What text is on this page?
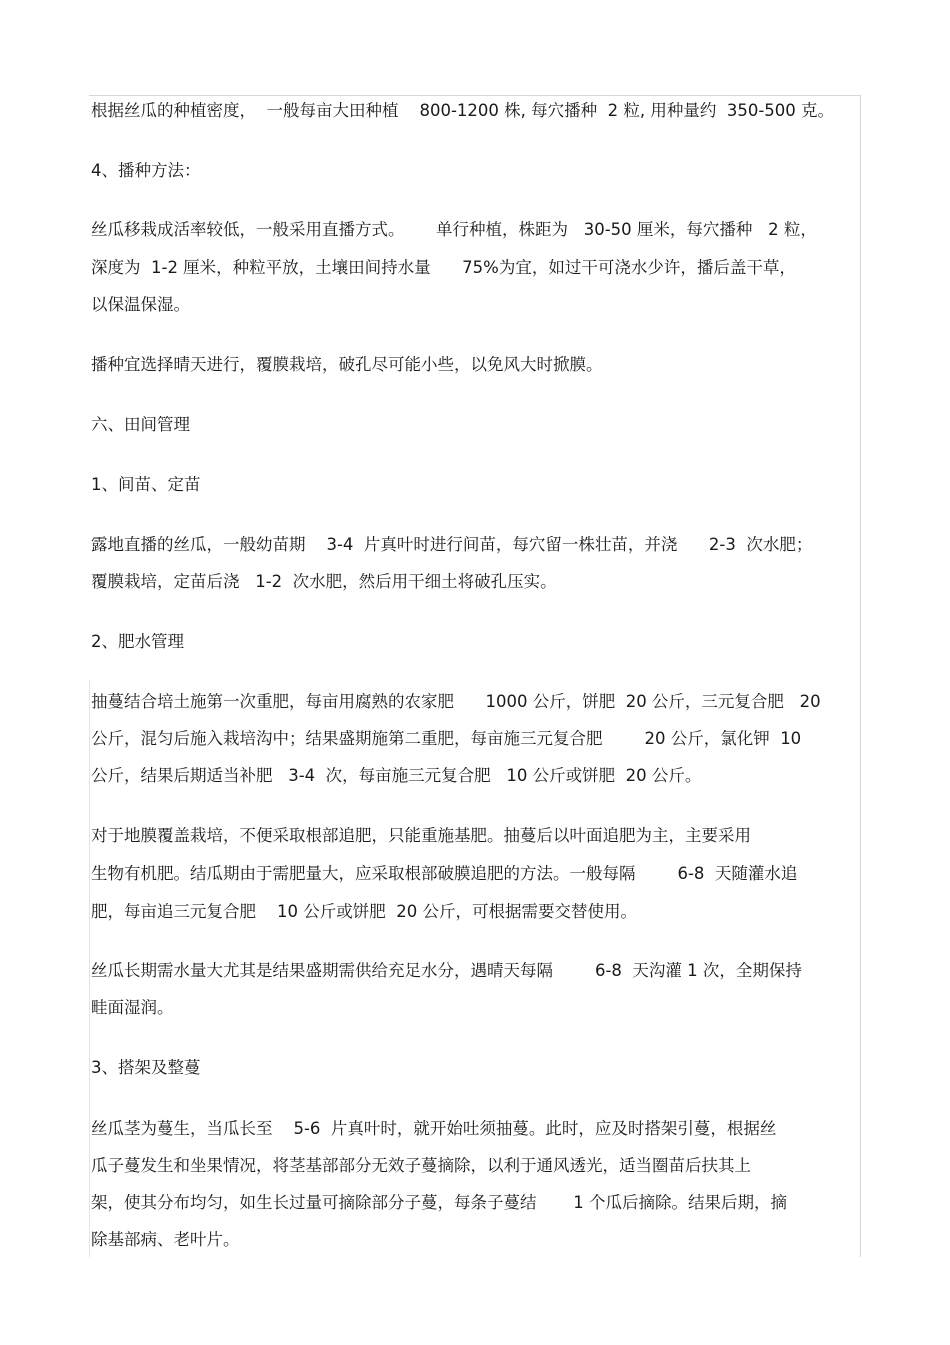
根据丝瓜的种植密度，  一般每亩大田种植    800-1200 株, 每穴播种  2 粒, 用种量约  350-500 克。
4、播种方法：
丝瓜移栽成活率较低，一般采用直播方式。      单行种植，株距为   30-50 厘米，每穴播种   2 粒，
深度为  1-2 厘米，种粒平放，土壤田间持水量      75%为宜，如过干可浇水少许，播后盖干草，
以保温保湿。
播种宜选择晴天进行，覆膜栽培，破孔尽可能小些，以免风大时掀膜。
六、田间管理
1、间苗、定苗
露地直播的丝瓜，一般幼苗期    3-4  片真叶时进行间苗，每穴留一株壮苗，并浇      2-3  次水肥；
覆膜栽培，定苗后浇   1-2  次水肥，然后用干细土将破孔压实。
2、肥水管理
抽蔓结合培土施第一次重肥，每亩用腐熟的农家肥      1000 公斤，饼肥  20 公斤，三元复合肥   20
公斤，混匀后施入栽培沟中；结果盛期施第二重肥，每亩施三元复合肥        20 公斤，氯化钾  10
公斤，结果后期适当补肥   3-4  次，每亩施三元复合肥   10 公斤或饼肥  20 公斤。
对于地膜覆盖栽培，不便采取根部追肥，只能重施基肥。抽蔓后以叶面追肥为主，主要采用
生物有机肥。结瓜期由于需肥量大，应采取根部破膜追肥的方法。一般每隔        6-8  天随灌水追
肥，每亩追三元复合肥    10 公斤或饼肥  20 公斤，可根据需要交替使用。
丝瓜长期需水量大尤其是结果盛期需供给充足水分，遇晴天每隔        6-8  天沟灌 1 次，全期保持
畦面湿润。
3、搭架及整蔓
丝瓜茎为蔓生，当瓜长至    5-6  片真叶时，就开始吐须抽蔓。此时，应及时搭架引蔓，根据丝
瓜子蔓发生和坐果情况，将茎基部部分无效子蔓摘除，以利于通风透光，适当圈苗后扶其上
架，使其分布均匀，如生长过量可摘除部分子蔓，每条子蔓结       1 个瓜后摘除。结果后期，摘
除基部病、老叶片。
